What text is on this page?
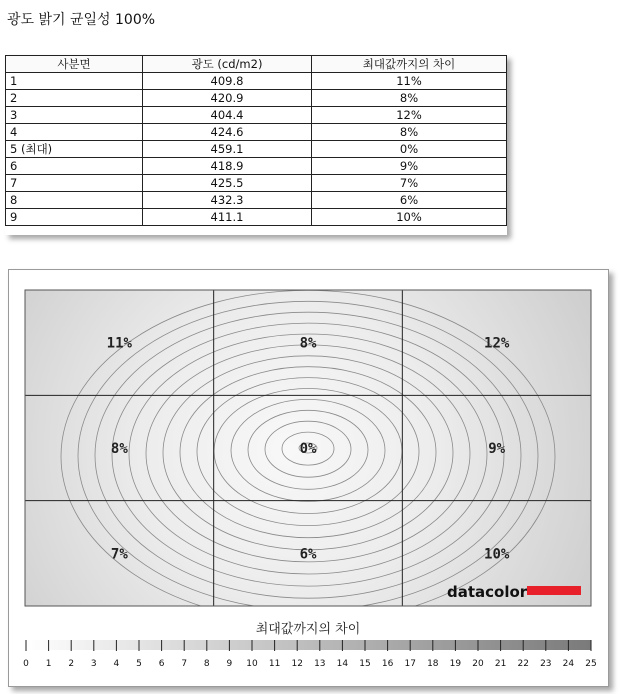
광도 밝기 균일성 100%
사분면	광도 (cd/m2)	최대값까지의 차이
1	409.8	11%
2	420.9	8%
3	404.4	12%
4	424.6	8%
5 (최대)	459.1	0%
6	418.9	9%
7	425.5	7%
8	432.3	6%
9	411.1	10%
11%	8%	12%
8%	0%	9%
7%	6%	10%
datacolor
최대값까지의 차이
0 1 2 3 4 5 6 7 8 9 10 11 12 13 14 15 16 17 18 19 20 21 22 23 24 25
